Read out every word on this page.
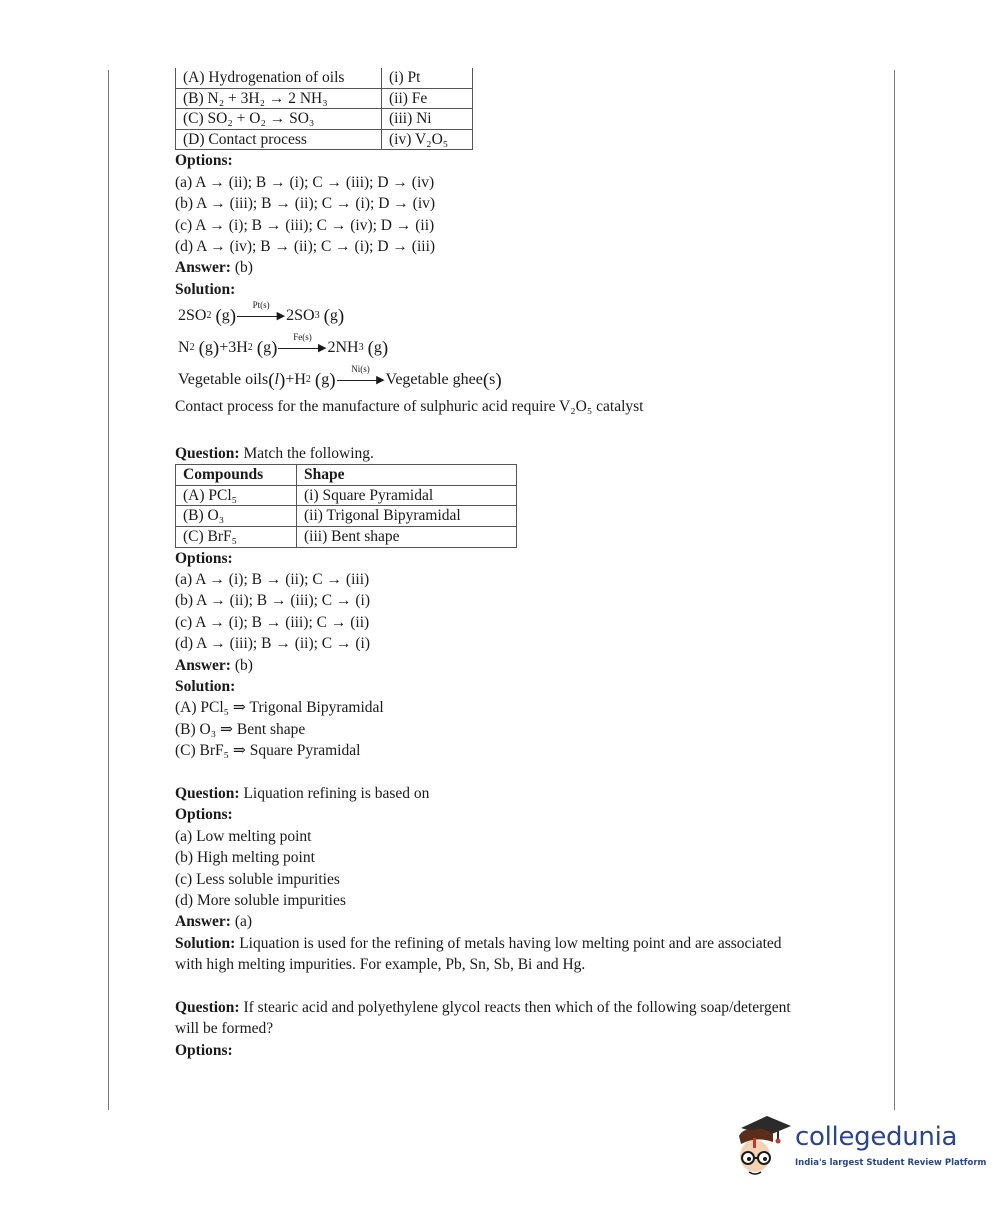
(A) Hydrogenation of oils	(i) Pt
(B) N₂ + 3H₂ → 2 NH₃	(ii) Fe
(C) SO₂ + O₂ → SO₃	(iii) Ni
(D) Contact process	(iv) V₂O₅
Options:
(a) A → (ii); B → (i); C → (iii); D → (iv)
(b) A → (iii); B → (ii); C → (i); D → (iv)
(c) A → (i); B → (iii); C → (iv); D → (ii)
(d) A → (iv); B → (ii); C → (i); D → (iii)
Answer: (b)
Solution:
2SO 2
( g )
Pt(s)
▶ 2SO 3
( g )
N 2
( g ) +3H 2
( g )
Fe(s)
▶ 2NH 3
( g )
Vegetable oils ( l ) +H 2
( g )
Ni(s)
▶ Vegetable ghee ( s )
Contact process for the manufacture of sulphuric acid require V₂O₅ catalyst
Question: Match the following.
Compounds	Shape
(A) PCl₅	(i) Square Pyramidal
(B) O₃	(ii) Trigonal Bipyramidal
(C) BrF₅	(iii) Bent shape
Options:
(a) A → (i); B → (ii); C → (iii)
(b) A → (ii); B → (iii); C → (i)
(c) A → (i); B → (iii); C → (ii)
(d) A → (iii); B → (ii); C → (i)
Answer: (b)
Solution:
(A) PCl₅ ⇒ Trigonal Bipyramidal
(B) O₃ ⇒ Bent shape
(C) BrF₅ ⇒ Square Pyramidal
Question: Liquation refining is based on
Options:
(a) Low melting point
(b) High melting point
(c) Less soluble impurities
(d) More soluble impurities
Answer: (a)
Solution: Liquation is used for the refining of metals having low melting point and are associated with high melting impurities. For example, Pb, Sn, Sb, Bi and Hg.
Question: If stearic acid and polyethylene glycol reacts then which of the following soap/detergent will be formed?
Options:
collegedunia
India's largest Student Review Platform
